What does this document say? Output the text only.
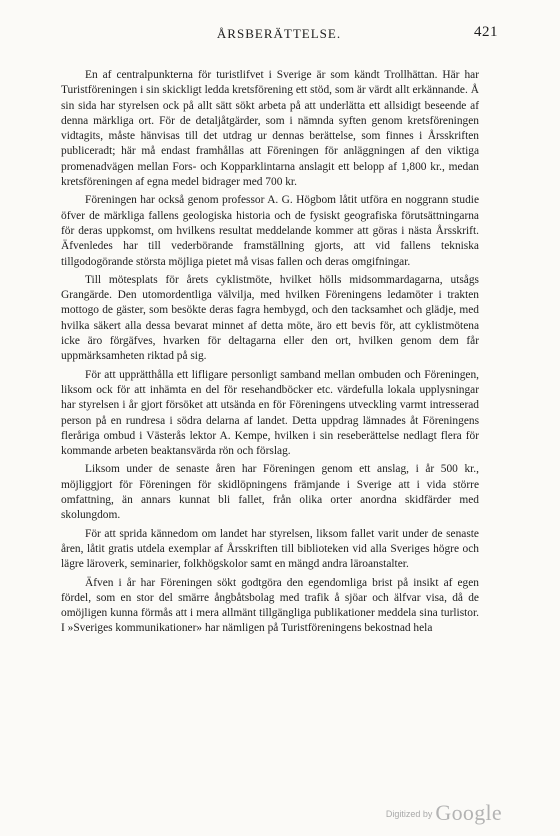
ÅRSBERÄTTELSE.	421

En af centralpunkterna för turistlifvet i Sverige är som kändt Trollhättan. Här har Turistföreningen i sin skickligt ledda kretsförening ett stöd, som är värdt allt erkännande. Å sin sida har styrelsen ock på allt sätt sökt arbeta på att underlätta ett allsidigt beseende af denna märkliga ort. För de detaljåtgärder, som i nämnda syften genom kretsföreningen vidtagits, måste hänvisas till det utdrag ur dennas berättelse, som finnes i Årsskriften publiceradt; här må endast framhållas att Föreningen för anläggningen af den viktiga promenadvägen mellan Fors- och Kopparklintarna anslagit ett belopp af 1,800 kr., medan kretsföreningen af egna medel bidrager med 700 kr.

Föreningen har också genom professor A. G. Högbom låtit utföra en noggrann studie öfver de märkliga fallens geologiska historia och de fysiskt geografiska förutsättningarna för deras uppkomst, om hvilkens resultat meddelande kommer att göras i nästa Årsskrift. Äfvenledes har till vederbörande framställning gjorts, att vid fallens tekniska tillgodogörande största möjliga pietet må visas fallen och deras omgifningar.

Till mötesplats för årets cyklistmöte, hvilket hölls midsommardagarna, utsågs Grangärde. Den utomordentliga välvilja, med hvilken Föreningens ledamöter i trakten mottogo de gäster, som besökte deras fagra hembygd, och den tacksamhet och glädje, med hvilka säkert alla dessa bevarat minnet af detta möte, äro ett bevis för, att cyklistmötena icke äro förgäfves, hvarken för deltagarna eller den ort, hvilken genom dem får uppmärksamheten riktad på sig.

För att upprätthålla ett lifligare personligt samband mellan ombuden och Föreningen, liksom ock för att inhämta en del för resehandböcker etc. värdefulla lokala upplysningar har styrelsen i år gjort försöket att utsända en för Föreningens utveckling varmt intresserad person på en rundresa i södra delarna af landet. Detta uppdrag lämnades åt Föreningens fleråriga ombud i Västerås lektor A. Kempe, hvilken i sin reseberättelse nedlagt flera för kommande arbeten beaktansvärda rön och förslag.

Liksom under de senaste åren har Föreningen genom ett anslag, i år 500 kr., möjliggjort för Föreningen för skidlöpningens främjande i Sverige att i vida större omfattning, än annars kunnat bli fallet, från olika orter anordna skidfärder med skolungdom.

För att sprida kännedom om landet har styrelsen, liksom fallet varit under de senaste åren, låtit gratis utdela exemplar af Årsskriften till biblioteken vid alla Sveriges högre och lägre läroverk, seminarier, folkhögskolor samt en mängd andra läroanstalter.

Äfven i år har Föreningen sökt godtgöra den egendomliga brist på insikt af egen fördel, som en stor del smärre ångbåtsbolag med trafik å sjöar och älfvar visa, då de omöjligen kunna förmås att i mera allmänt tillgängliga publikationer meddela sina turlistor. I »Sveriges kommunikationer» har nämligen på Turistföreningens bekostnad hela

Digitized by Google
